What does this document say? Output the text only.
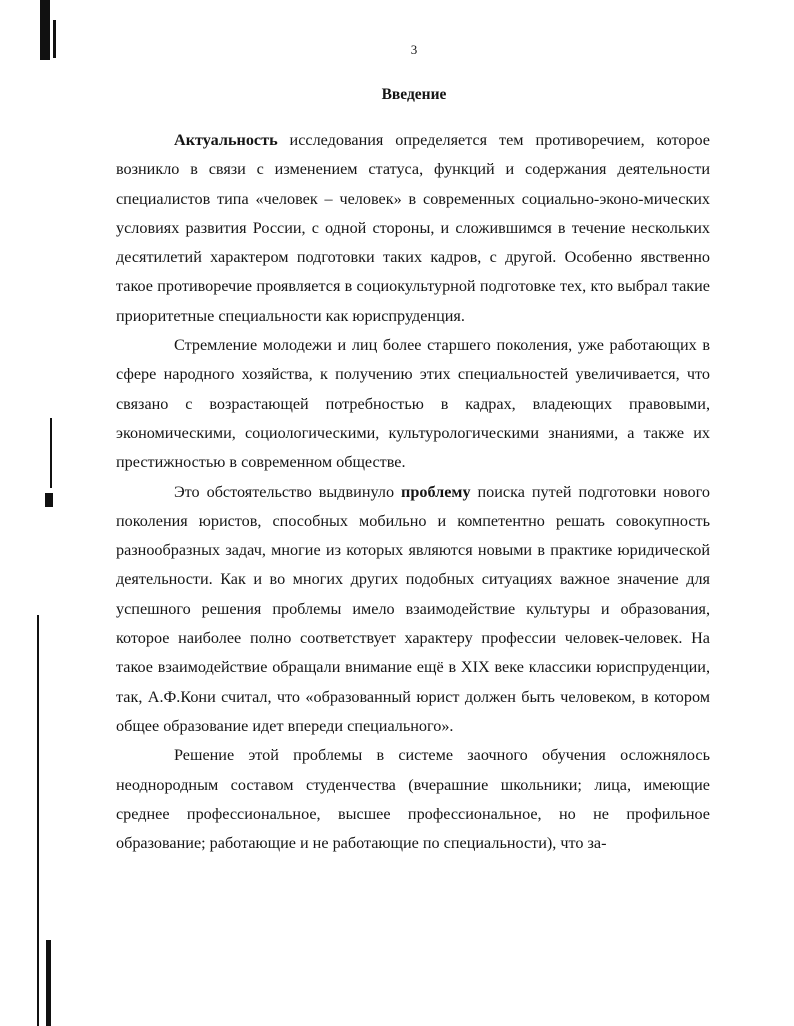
3
Введение

Актуальность исследования определяется тем противоречием, которое возникло в связи с изменением статуса, функций и содержания деятельности специалистов типа «человек – человек» в современных социально-эконо-мических условиях развития России, с одной стороны, и сложившимся в течение нескольких десятилетий характером подготовки таких кадров, с другой. Особенно явственно такое противоречие проявляется в социокультурной подготовке тех, кто выбрал такие приоритетные специальности как юриспруденция.

Стремление молодежи и лиц более старшего поколения, уже работающих в сфере народного хозяйства, к получению этих специальностей увеличивается, что связано с возрастающей потребностью в кадрах, владеющих правовыми, экономическими, социологическими, культурологическими знаниями, а также их престижностью в современном обществе.

Это обстоятельство выдвинуло проблему поиска путей подготовки нового поколения юристов, способных мобильно и компетентно решать совокупность разнообразных задач, многие из которых являются новыми в практике юридической деятельности. Как и во многих других подобных ситуациях важное значение для успешного решения проблемы имело взаимодействие культуры и образования, которое наиболее полно соответствует характеру профессии человек-человек. На такое взаимодействие обращали внимание ещё в XIX веке классики юриспруденции, так, А.Ф.Кони считал, что «образованный юрист должен быть человеком, в котором общее образование идет впереди специального».

Решение этой проблемы в системе заочного обучения осложнялось неоднородным составом студенчества (вчерашние школьники; лица, имеющие среднее профессиональное, высшее профессиональное, но не профильное образование; работающие и не работающие по специальности), что за-
